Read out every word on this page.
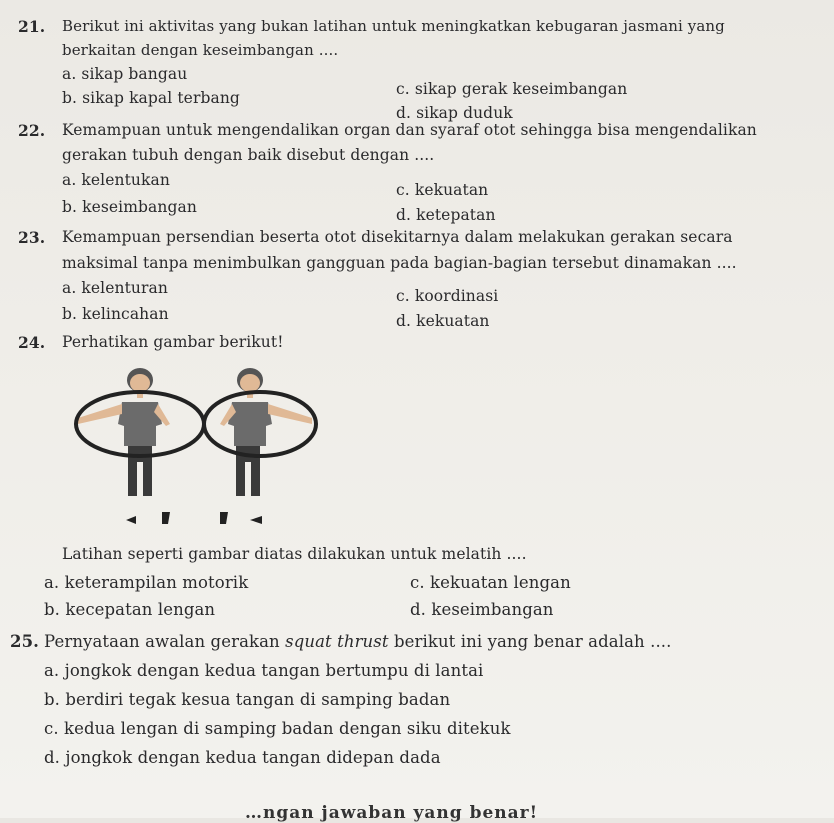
21. Berikut ini aktivitas yang bukan latihan untuk meningkatkan kebugaran jasmani yang
berkaitan dengan keseimbangan ....
a. sikap bangau
b. sikap kapal terbang	c. sikap gerak keseimbangan
d. sikap duduk
22. Kemampuan untuk mengendalikan organ dan syaraf otot sehingga bisa mengendalikan
gerakan tubuh dengan baik disebut dengan ....
a. kelentukan
b. keseimbangan
c. kekuatan
d. ketepatan
23. Kemampuan persendian beserta otot disekitarnya dalam melakukan gerakan secara
maksimal tanpa menimbulkan gangguan pada bagian-bagian tersebut dinamakan ....
a. kelenturan
b. kelincahan
c. koordinasi
d. kekuatan
24. Perhatikan gambar berikut!
Latihan seperti gambar diatas dilakukan untuk melatih ....
a. keterampilan motorik
b. kecepatan lengan
c. kekuatan lengan
d. keseimbangan
25. Pernyataan awalan gerakan squat thrust berikut ini yang benar adalah ....
a. jongkok dengan kedua tangan bertumpu di lantai
b. berdiri tegak kesua tangan di samping badan
c. kedua lengan di samping badan dengan siku ditekuk
d. jongkok dengan kedua tangan didepan dada
…ngan jawaban yang benar!
